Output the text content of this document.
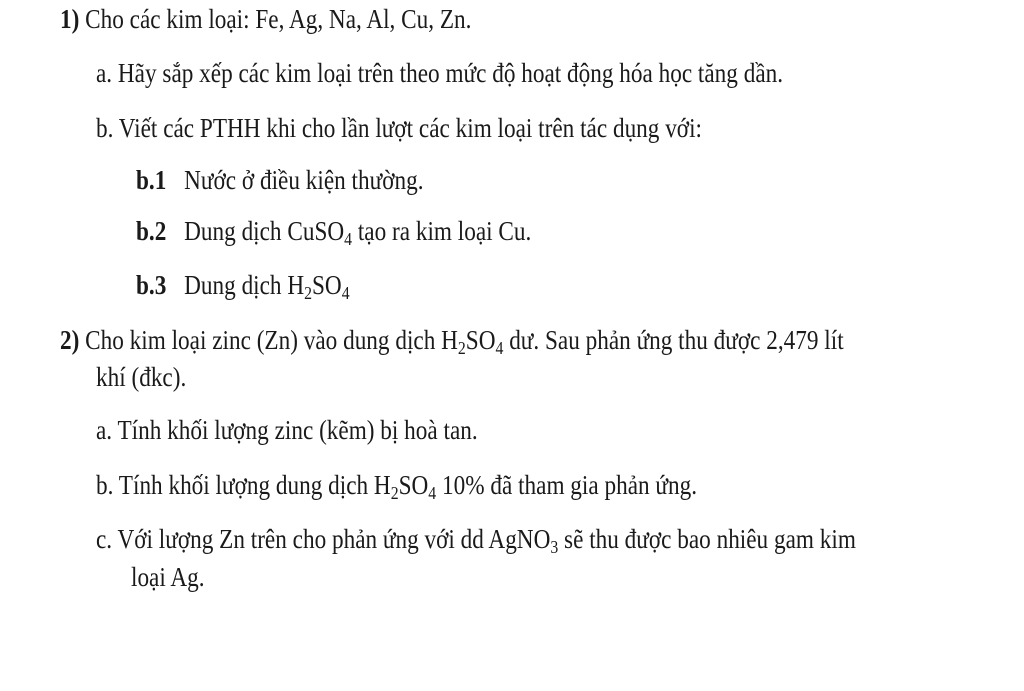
1) Cho các kim loại: Fe, Ag, Na, Al, Cu, Zn.
a. Hãy sắp xếp các kim loại trên theo mức độ hoạt động hóa học tăng dần.
b. Viết các PTHH khi cho lần lượt các kim loại trên tác dụng với:
b.1 Nước ở điều kiện thường.
b.2 Dung dịch CuSO$_4$ tạo ra kim loại Cu.
b.3 Dung dịch $H_2SO_4$
2) Cho kim loại zinc (Zn) vào dung dịch $H_2SO_4$ dư. Sau phản ứng thu được 2,479 lít
khí (đkc).
a. Tính khối lượng zinc (kẽm) bị hoà tan.
b. Tính khối lượng dung dịch $H_2SO_4$ 10% đã tham gia phản ứng.
c. Với lượng Zn trên cho phản ứng với dd AgNO$_3$ sẽ thu được bao nhiêu gam kim
loại Ag.
